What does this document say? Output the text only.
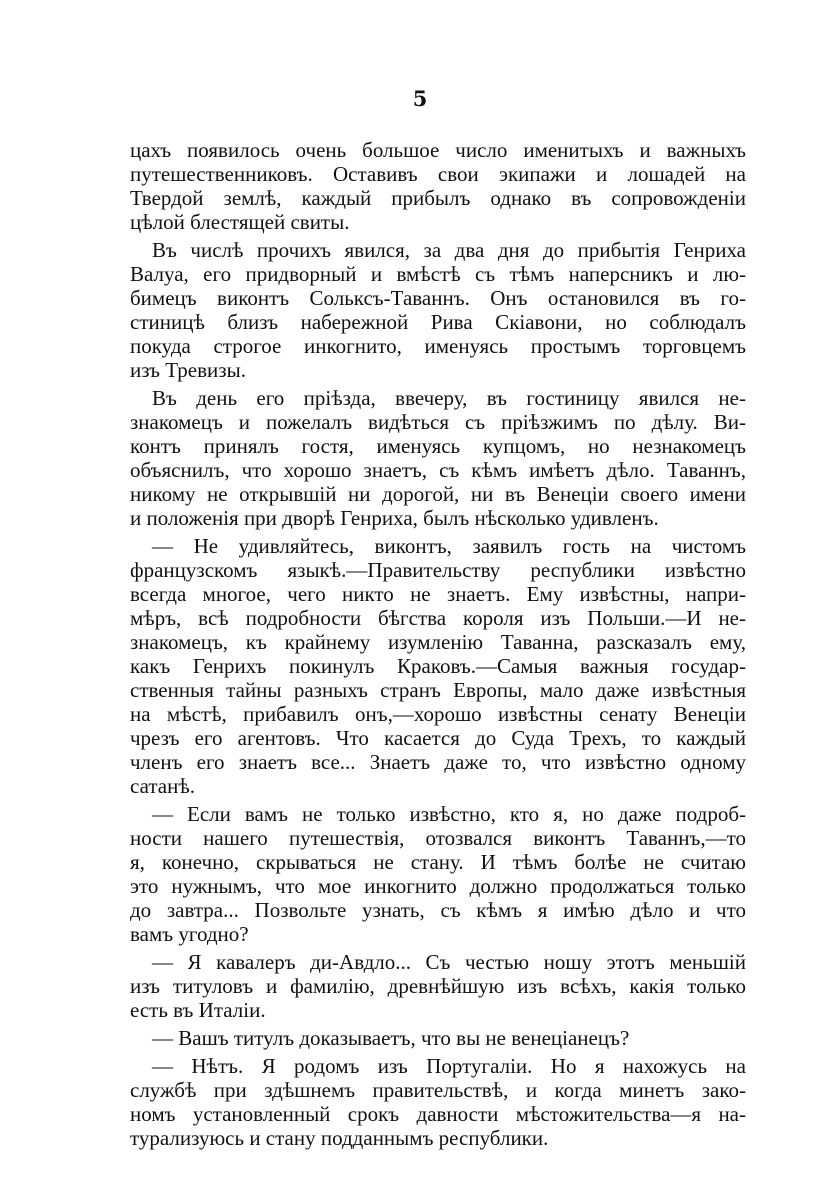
5
цахъ появилось очень большое число именитыхъ и важныхъ
путешественниковъ. Оставивъ свои экипажи и лошадей на
Твердой землѣ, каждый прибылъ однако въ сопровожденіи
цѣлой блестящей свиты.
Въ числѣ прочихъ явился, за два дня до прибытія Генриха
Валуа, его придворный и вмѣстѣ съ тѣмъ наперсникъ и лю-
бимецъ виконтъ Сольксъ-Таваннъ. Онъ остановился въ го-
стиницѣ близъ набережной Рива Скіавони, но соблюдалъ
покуда строгое инкогнито, именуясь простымъ торговцемъ
изъ Тревизы.
Въ день его пріѣзда, ввечеру, въ гостиницу явился не-
знакомецъ и пожелалъ видѣться съ пріѣзжимъ по дѣлу. Ви-
контъ принялъ гостя, именуясь купцомъ, но незнакомецъ
объяснилъ, что хорошо знаетъ, съ кѣмъ имѣетъ дѣло. Таваннъ,
никому не открывшій ни дорогой, ни въ Венеціи своего имени
и положенія при дворѣ Генриха, былъ нѣсколько удивленъ.
— Не удивляйтесь, виконтъ, заявилъ гость на чистомъ
французскомъ языкѣ.—Правительству республики извѣстно
всегда многое, чего никто не знаетъ. Ему извѣстны, напри-
мѣръ, всѣ подробности бѣгства короля изъ Польши.—И не-
знакомецъ, къ крайнему изумленію Таванна, разсказалъ ему,
какъ Генрихъ покинулъ Краковъ.—Самыя важныя государ-
ственныя тайны разныхъ странъ Европы, мало даже извѣстныя
на мѣстѣ, прибавилъ онъ,—хорошо извѣстны сенату Венеціи
чрезъ его агентовъ. Что касается до Суда Трехъ, то каждый
членъ его знаетъ все... Знаетъ даже то, что извѣстно одному
сатанѣ.
— Если вамъ не только извѣстно, кто я, но даже подроб-
ности нашего путешествія, отозвался виконтъ Таваннъ,—то
я, конечно, скрываться не стану. И тѣмъ болѣе не считаю
это нужнымъ, что мое инкогнито должно продолжаться только
до завтра... Позвольте узнать, съ кѣмъ я имѣю дѣло и что
вамъ угодно?
— Я кавалеръ ди-Авдло... Съ честью ношу этотъ меньшій
изъ титуловъ и фамилію, древнѣйшую изъ всѣхъ, какія только
есть въ Италіи.
— Вашъ титулъ доказываетъ, что вы не венеціанецъ?
— Нѣтъ. Я родомъ изъ Португаліи. Но я нахожусь на
службѣ при здѣшнемъ правительствѣ, и когда минетъ зако-
номъ установленный срокъ давности мѣстожительства—я на-
турализуюсь и стану подданнымъ республики.
